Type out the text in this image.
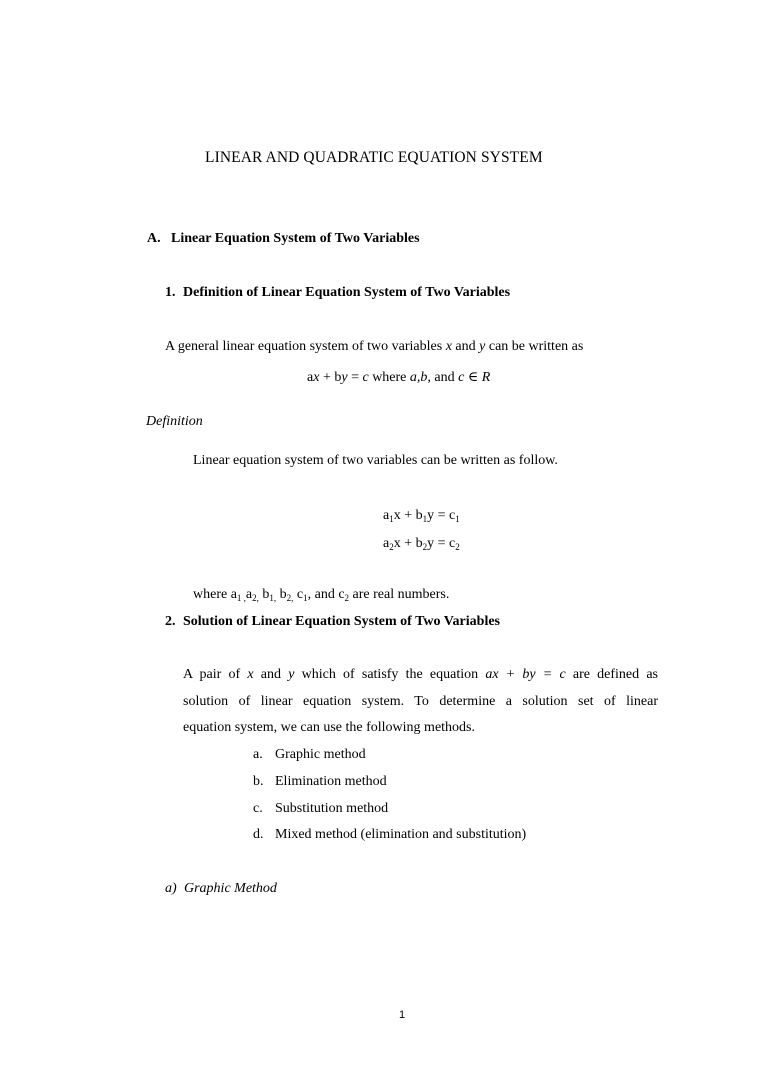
LINEAR AND QUADRATIC EQUATION SYSTEM
A. Linear Equation System of Two Variables
1. Definition of Linear Equation System of Two Variables
A general linear equation system of two variables x and y can be written as
ax + by = c where a,b, and c ∈ R
Definition
Linear equation system of two variables can be written as follow.
$a_1x + b_1y = c_1$
$a_2x + b_2y = c_2$
where $a_{1 ,}a_{2,}$ $b_{1,}$ $b_{2,}$ $c_1$, and $c_2$ are real numbers.
2. Solution of Linear Equation System of Two Variables
A pair of x and y which of satisfy the equation ax + by = c are defined as
solution of linear equation system. To determine a solution set of linear
equation system, we can use the following methods.
a. Graphic method
b. Elimination method
c. Substitution method
d. Mixed method (elimination and substitution)
a) Graphic Method
1
